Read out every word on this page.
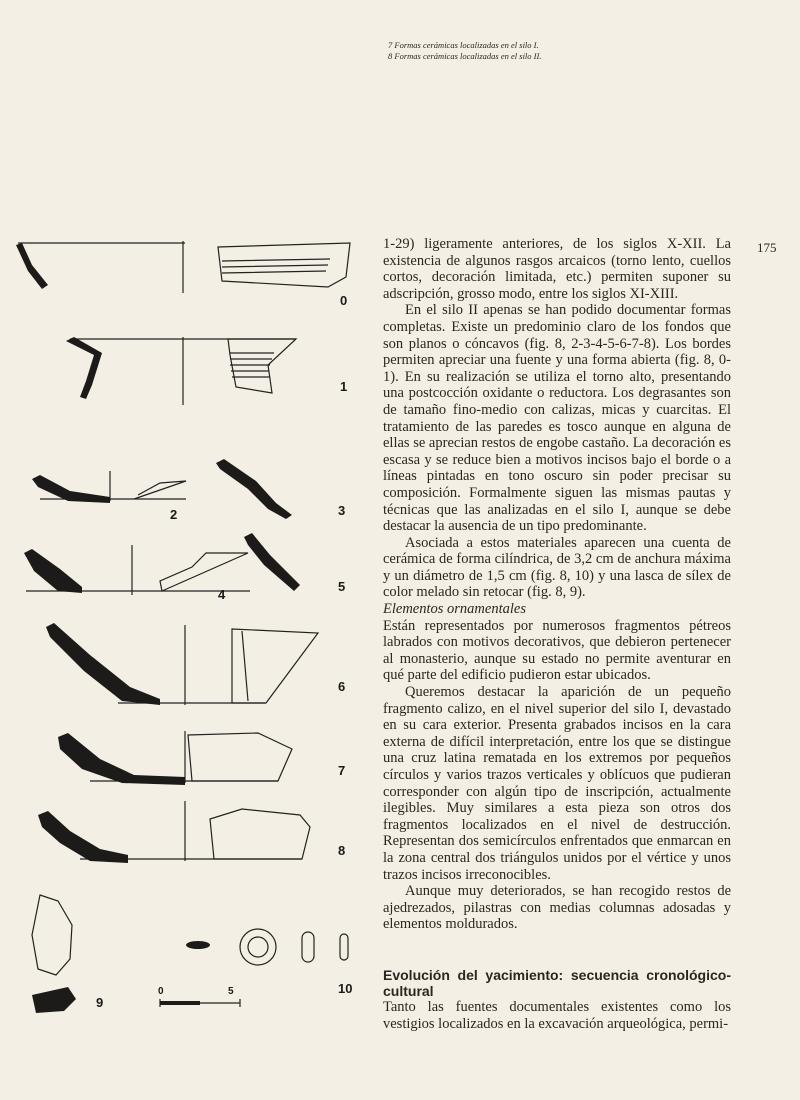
7 Formas cerámicas localizadas en el silo I.
8 Formas cerámicas localizadas en el silo II.
175
0
1
2	3
4
5
6
7
8
9
10
0	5

1-29) ligeramente anteriores, de los siglos X-XII. La existencia de algunos rasgos arcaicos (torno lento, cuellos cortos, decoración limitada, etc.) permiten suponer su adscripción, grosso modo, entre los siglos XI-XIII.

En el silo II apenas se han podido documentar formas completas. Existe un predominio claro de los fondos que son planos o cóncavos (fig. 8, 2-3-4-5-6-7-8). Los bordes permiten apreciar una fuente y una forma abierta (fig. 8, 0-1). En su realización se utiliza el torno alto, presentando una postcocción oxidante o reductora. Los degrasantes son de tamaño fino-medio con calizas, micas y cuarcitas. El tratamiento de las paredes es tosco aunque en alguna de ellas se aprecian restos de engobe castaño. La decoración es escasa y se reduce bien a motivos incisos bajo el borde o a líneas pintadas en tono oscuro sin poder precisar su composición. Formalmente siguen las mismas pautas y técnicas que las analizadas en el silo I, aunque se debe destacar la ausencia de un tipo predominante.

Asociada a estos materiales aparecen una cuenta de cerámica de forma cilíndrica, de 3,2 cm de anchura máxima y un diámetro de 1,5 cm (fig. 8, 10) y una lasca de sílex de color melado sin retocar (fig. 8, 9).

Elementos ornamentales

Están representados por numerosos fragmentos pétreos labrados con motivos decorativos, que debieron pertenecer al monasterio, aunque su estado no permite aventurar en qué parte del edificio pudieron estar ubicados.

Queremos destacar la aparición de un pequeño fragmento calizo, en el nivel superior del silo I, devastado en su cara exterior. Presenta grabados incisos en la cara externa de difícil interpretación, entre los que se distingue una cruz latina rematada en los extremos por pequeños círculos y varios trazos verticales y oblícuos que pudieran corresponder con algún tipo de inscripción, actualmente ilegibles. Muy similares a esta pieza son otros dos fragmentos localizados en el nivel de destrucción. Representan dos semicírculos enfrentados que enmarcan en la zona central dos triángulos unidos por el vértice y unos trazos incisos irreconocibles.

Aunque muy deteriorados, se han recogido restos de ajedrezados, pilastras con medias columnas adosadas y elementos moldurados.

Evolución del yacimiento: secuencia cronológico-cultural

Tanto las fuentes documentales existentes como los vestigios localizados en la excavación arqueológica, permi-
